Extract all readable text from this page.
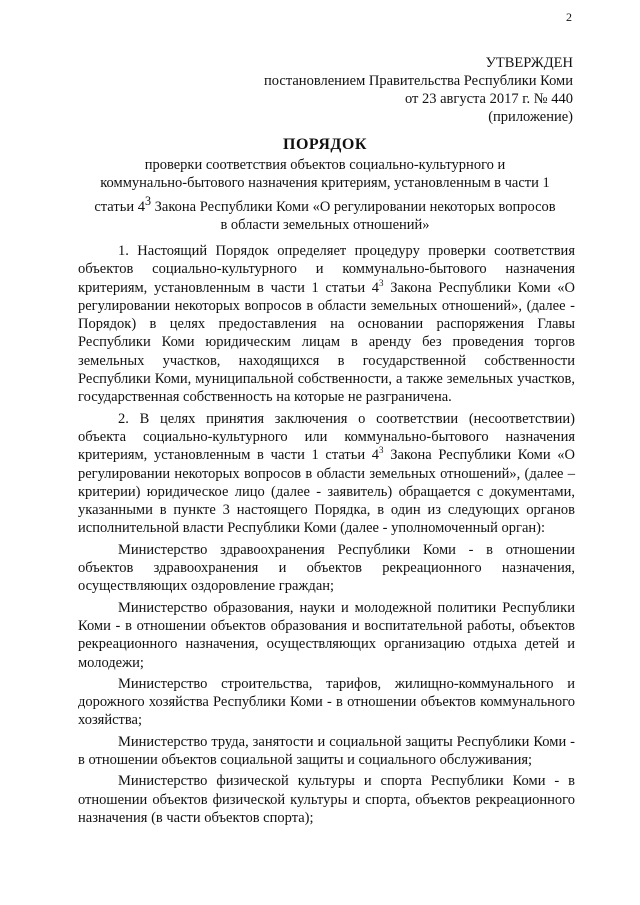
2
УТВЕРЖДЕН
постановлением Правительства Республики Коми
от 23 августа 2017 г. № 440
(приложение)
ПОРЯДОК
проверки соответствия объектов социально-культурного и
коммунально-бытового назначения критериям, установленным в части 1
статьи $4^3$ Закона Республики Коми «О регулировании некоторых вопросов
в области земельных отношений»

1. Настоящий Порядок определяет процедуру проверки соответствия объектов социально-культурного и коммунально-бытового назначения критериям, установленным в части 1 статьи $4^3$ Закона Республики Коми «О регулировании некоторых вопросов в области земельных отношений», (далее - Порядок) в целях предоставления на основании распоряжения Главы Республики Коми юридическим лицам в аренду без проведения торгов земельных участков, находящихся в государственной собственности Республики Коми, муниципальной собственности, а также земельных участков, государственная собственность на которые не разграничена.

2. В целях принятия заключения о соответствии (несоответствии) объекта социально-культурного или коммунально-бытового назначения критериям, установленным в части 1 статьи $4^3$ Закона Республики Коми «О регулировании некоторых вопросов в области земельных отношений», (далее – критерии) юридическое лицо (далее - заявитель) обращается с документами, указанными в пункте 3 настоящего Порядка, в один из следующих органов исполнительной власти Республики Коми (далее - уполномоченный орган):

Министерство здравоохранения Республики Коми - в отношении объектов здравоохранения и объектов рекреационного назначения, осуществляющих оздоровление граждан;

Министерство образования, науки и молодежной политики Республики Коми - в отношении объектов образования и воспитательной работы, объектов рекреационного назначения, осуществляющих организацию отдыха детей и молодежи;

Министерство строительства, тарифов, жилищно-коммунального и дорожного хозяйства Республики Коми - в отношении объектов коммунального хозяйства;

Министерство труда, занятости и социальной защиты Республики Коми - в отношении объектов социальной защиты и социального обслуживания;

Министерство физической культуры и спорта Республики Коми - в отношении объектов физической культуры и спорта, объектов рекреационного назначения (в части объектов спорта);
